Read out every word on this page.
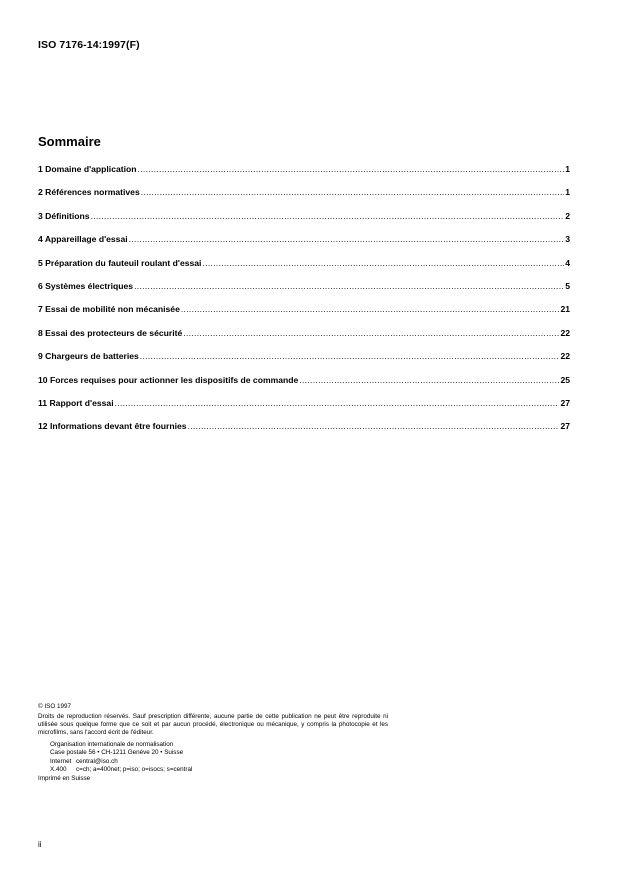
ISO 7176-14:1997(F)
Sommaire
1 Domaine d'application .....	1
2 Références normatives .....	1
3 Définitions .....	2
4 Appareillage d'essai .....	3
5 Préparation du fauteuil roulant d'essai .....	4
6 Systèmes électriques .....	5
7 Essai de mobilité non mécanisée .....	21
8 Essai des protecteurs de sécurité .....	22
9 Chargeurs de batteries .....	22
10 Forces requises pour actionner les dispositifs de commande .....	25
11 Rapport d'essai .....	27
12 Informations devant être fournies .....	27

© ISO 1997

Droits de reproduction réservés. Sauf prescription différente, aucune partie de cette publication ne peut être reproduite ni utilisée sous quelque forme que ce soit et par aucun procédé, électronique ou mécanique, y compris la photocopie et les microfilms, sans l'accord écrit de l'éditeur.

Organisation internationale de normalisation
Case postale 56 • CH-1211 Genève 20 • Suisse
Internet central@iso.ch
X.400	c=ch; a=400net; p=iso; o=isocs; s=central

Imprimé en Suisse

ii
